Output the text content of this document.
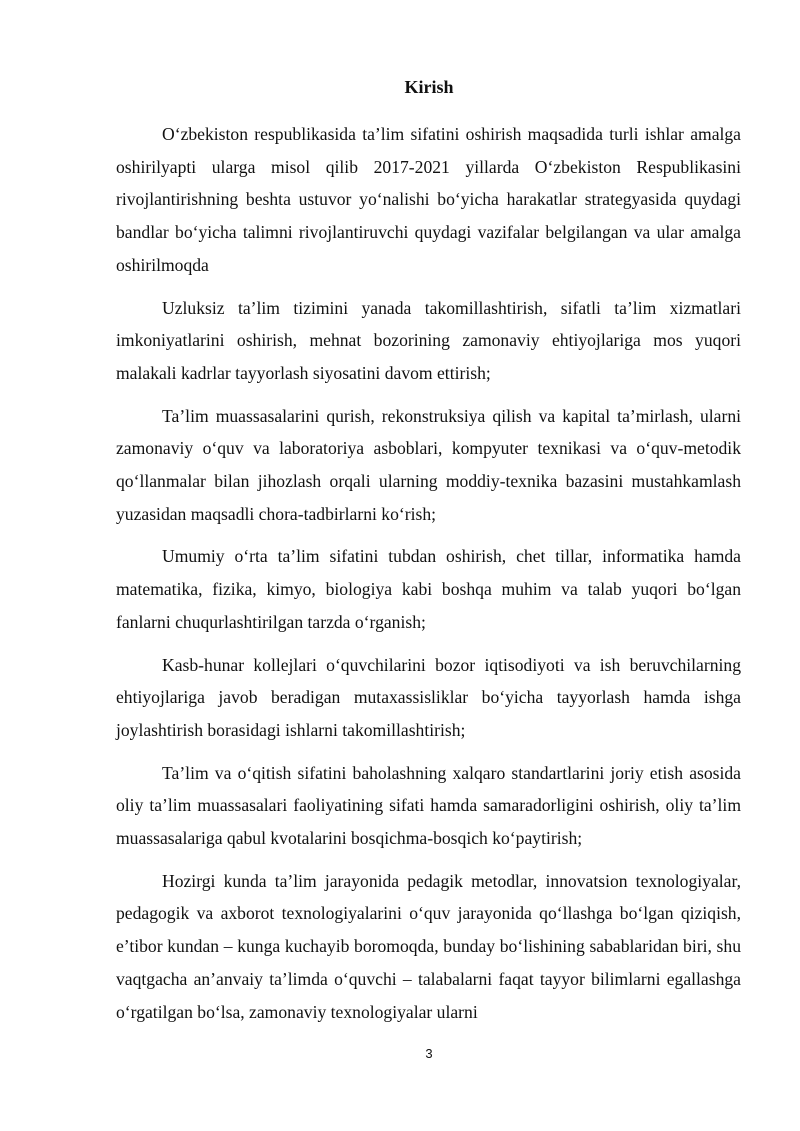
Kirish

O‘zbekiston respublikasida ta’lim sifatini oshirish maqsadida turli ishlar amalga oshirilyapti ularga misol qilib 2017-2021 yillarda O‘zbekiston Respublikasini rivojlantirishning beshta ustuvor yo‘nalishi bo‘yicha harakatlar strategyasida quydagi bandlar bo‘yicha talimni rivojlantiruvchi quydagi vazifalar belgilangan va ular amalga oshirilmoqda

Uzluksiz ta’lim tizimini yanada takomillashtirish, sifatli ta’lim xizmatlari imkoniyatlarini oshirish, mehnat bozorining zamonaviy ehtiyojlariga mos yuqori malakali kadrlar tayyorlash siyosatini davom ettirish;

Ta’lim muassasalarini qurish, rekonstruksiya qilish va kapital ta’mirlash, ularni zamonaviy o‘quv va laboratoriya asboblari, kompyuter texnikasi va o‘quv-metodik qo‘llanmalar bilan jihozlash orqali ularning moddiy-texnika bazasini mustahkamlash yuzasidan maqsadli chora-tadbirlarni ko‘rish;

Umumiy o‘rta ta’lim sifatini tubdan oshirish, chet tillar, informatika hamda matematika, fizika, kimyo, biologiya kabi boshqa muhim va talab yuqori bo‘lgan fanlarni chuqurlashtirilgan tarzda o‘rganish;

Kasb-hunar kollejlari o‘quvchilarini bozor iqtisodiyoti va ish beruvchilarning ehtiyojlariga javob beradigan mutaxassisliklar bo‘yicha tayyorlash hamda ishga joylashtirish borasidagi ishlarni takomillashtirish;

Ta’lim va o‘qitish sifatini baholashning xalqaro standartlarini joriy etish asosida oliy ta’lim muassasalari faoliyatining sifati hamda samaradorligini oshirish, oliy ta’lim muassasalariga qabul kvotalarini bosqichma-bosqich ko‘paytirish;

Hozirgi kunda ta’lim jarayonida pedagik metodlar, innovatsion texnologiyalar, pedagogik va axborot texnologiyalarini o‘quv jarayonida qo‘llashga bo‘lgan qiziqish, e’tibor kundan – kunga kuchayib boromoqda, bunday bo‘lishining sabablaridan biri, shu vaqtgacha an’anvaiy ta’limda o‘quvchi – talabalarni faqat tayyor bilimlarni egallashga o‘rgatilgan bo‘lsa, zamonaviy texnologiyalar ularni

3
